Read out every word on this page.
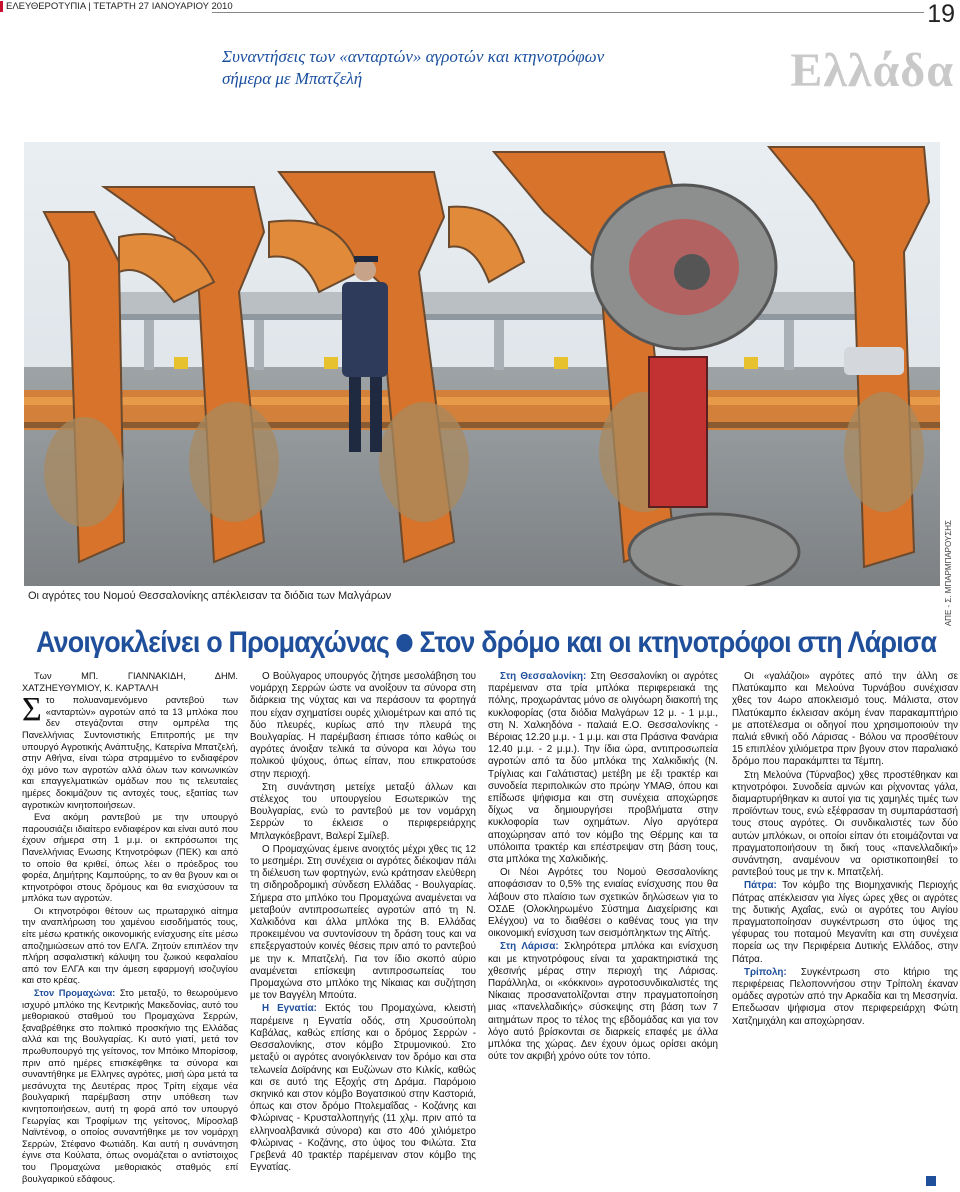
ΕΛΕΥΘΕΡΟΤΥΠΙΑ | ΤΕΤΑΡΤΗ 27 ΙΑΝΟΥΑΡΙΟΥ 2010	19
Συναντήσεις των «ανταρτών» αγροτών και κτηνοτρόφων σήμερα με Μπατζελή	Ελλάδα
ΑΠΕ - Σ. ΜΠΑΡΜΠΑΡΟΥΣΗΣ
Οι αγρότες του Νομού Θεσσαλονίκης απέκλεισαν τα διόδια των Μαλγάρων
Ανοιγοκλείνει ο Προμαχώνας Στον δρόμο και οι κτηνοτρόφοι στη Λάρισα

Των ΜΠ. ΓΙΑΝΝΑΚΙΔΗ, ΔΗΜ. ΧΑΤΖΗΕΥΘΥΜΙΟΥ, Κ. ΚΑΡΤΑΛΗ

Στο πολυαναμενόμενο ραντεβού των «ανταρτών» αγροτών από τα 13 μπλόκα που δεν στεγάζονται στην ομπρέλα της Πανελλήνιας Συντονιστικής Επιτροπής με την υπουργό Αγροτικής Ανάπτυξης, Κατερίνα Μπατζελή, στην Αθήνα, είναι τώρα στραμμένο το ενδιαφέρον όχι μόνο των αγροτών αλλά όλων των κοινωνικών και επαγγελματικών ομάδων που τις τελευταίες ημέρες δοκιμάζουν τις αντοχές τους, εξαιτίας των αγροτικών κινητοποιήσεων.

Ενα ακόμη ραντεβού με την υπουργό παρουσιάζει ιδιαίτερο ενδιαφέρον και είναι αυτό που έχουν σήμερα στη 1 μ.μ. οι εκπρόσωποι της Πανελλήνιας Ενωσης Κτηνοτρόφων (ΠΕΚ) και από το οποίο θα κριθεί, όπως λέει ο πρόεδρος του φορέα, Δημήτρης Καμπούρης, το αν θα βγουν και οι κτηνοτρόφοι στους δρόμους και θα ενισχύσουν τα μπλόκα των αγροτών.

Οι κτηνοτρόφοι θέτουν ως πρωταρχικό αίτημα την αναπλήρωση του χαμένου εισοδήματός τους, είτε μέσω κρατικής οικονομικής ενίσχυσης είτε μέσω αποζημιώσεων από τον ΕΛΓΑ. Ζητούν επιπλέον την πλήρη ασφαλιστική κάλυψη του ζωικού κεφαλαίου από τον ΕΛΓΑ και την άμεση εφαρμογή ισοζυγίου και στο κρέας.

Στον Προμαχώνα: Στο μεταξύ, το θεωρούμενο ισχυρό μπλόκο της Κεντρικής Μακεδονίας, αυτό του μεθοριακού σταθμού του Προμαχώνα Σερρών, ξαναβρέθηκε στο πολιτικό προσκήνιο της Ελλάδας αλλά και της Βουλγαρίας. Κι αυτό γιατί, μετά τον πρωθυπουργό της γείτονος, τον Μπόικο Μπορίσοφ, πριν από ημέρες επισκέφθηκε τα σύνορα και συναντήθηκε με Ελληνες αγρότες, μισή ώρα μετά τα μεσάνυχτα της Δευτέρας προς Τρίτη είχαμε νέα βουλγαρική παρέμβαση στην υπόθεση των κινητοποιήσεων, αυτή τη φορά από τον υπουργό Γεωργίας και Τροφίμων της γείτονος, Μίροσλαβ Ναϊντένοφ, ο οποίος συναντήθηκε με τον νομάρχη Σερρών, Στέφανο Φωτιάδη. Και αυτή η συνάντηση έγινε στα Κούλατα, όπως ονομάζεται ο αντίστοιχος του Προμαχώνα μεθοριακός σταθμός επί βουλγαρικού εδάφους.

Ο Βούλγαρος υπουργός ζήτησε μεσολάβηση του νομάρχη Σερρών ώστε να ανοίξουν τα σύνορα στη διάρκεια της νύχτας και να περάσουν τα φορτηγά που είχαν σχηματίσει ουρές χιλιομέτρων και από τις δύο πλευρές, κυρίως από την πλευρά της Βουλγαρίας. Η παρέμβαση έπιασε τόπο καθώς οι αγρότες άνοιξαν τελικά τα σύνορα και λόγω του πολικού ψύχους, όπως είπαν, που επικρατούσε στην περιοχή.

Στη συνάντηση μετείχε μεταξύ άλλων και στέλεχος του υπουργείου Εσωτερικών της Βουλγαρίας, ενώ το ραντεβού με τον νομάρχη Σερρών το έκλεισε ο περιφερειάρχης Μπλαγκόεβραντ, Βαλερί Σμίλεβ.

Ο Προμαχώνας έμεινε ανοιχτός μέχρι χθες τις 12 το μεσημέρι. Στη συνέχεια οι αγρότες διέκοψαν πάλι τη διέλευση των φορτηγών, ενώ κράτησαν ελεύθερη τη σιδηροδρομική σύνδεση Ελλάδας - Βουλγαρίας. Σήμερα στο μπλόκο του Προμαχώνα αναμένεται να μεταβούν αντιπροσωπείες αγροτών από τη Ν. Χαλκιδόνα και άλλα μπλόκα της Β. Ελλάδας προκειμένου να συντονίσουν τη δράση τους και να επεξεργαστούν κοινές θέσεις πριν από το ραντεβού με την κ. Μπατζελή. Για τον ίδιο σκοπό αύριο αναμένεται επίσκεψη αντιπροσωπείας του Προμαχώνα στο μπλόκο της Νίκαιας και συζήτηση με τον Βαγγέλη Μπούτα.

Η Εγνατία: Εκτός του Προμαχώνα, κλειστή παρέμεινε η Εγνατία οδός, στη Χρυσούπολη Καβάλας, καθώς επίσης και ο δρόμος Σερρών - Θεσσαλονίκης, στον κόμβο Στρυμονικού. Στο μεταξύ οι αγρότες ανοιγόκλειναν τον δρόμο και στα τελωνεία Δοϊράνης και Ευζώνων στο Κιλκίς, καθώς και σε αυτό της Εξοχής στη Δράμα. Παρόμοιο σκηνικό και στον κόμβο Βογατσικού στην Καστοριά, όπως και στον δρόμο Πτολεμαΐδας - Κοζάνης και Φλώρινας - Κρυσταλλοπηγής (11 χλμ. πριν από τα ελληνοαλβανικά σύνορα) και στο 40ό χιλιόμετρο Φλώρινας - Κοζάνης, στο ύψος του Φιλώτα. Στα Γρεβενά 40 τρακτέρ παρέμειναν στον κόμβο της Εγνατίας.

Στη Θεσσαλονίκη: Στη Θεσσαλονίκη οι αγρότες παρέμειναν στα τρία μπλόκα περιφερειακά της πόλης, προχωράντας μόνο σε ολιγόωρη διακοπή της κυκλοφορίας (στα διόδια Μαλγάρων 12 μ. - 1 μ.μ., στη Ν. Χαλκηδόνα - παλαιά Ε.Ο. Θεσσαλονίκης - Βέροιας 12.20 μ.μ. - 1 μ.μ. και στα Πράσινα Φανάρια 12.40 μ.μ. - 2 μ.μ.). Την ίδια ώρα, αντιπροσωπεία αγροτών από τα δύο μπλόκα της Χαλκιδικής (Ν. Τρίγλιας και Γαλάτιστας) μετέβη με έξι τρακτέρ και συνοδεία περιπολικών στο πρώην ΥΜΑΘ, όπου και επίδωσε ψήφισμα και στη συνέχεια αποχώρησε δίχως να δημιουργήσει προβλήματα στην κυκλοφορία των οχημάτων. Λίγο αργότερα αποχώρησαν από τον κόμβο της Θέρμης και τα υπόλοιπα τρακτέρ και επέστρεψαν στη βάση τους, στα μπλόκα της Χαλκιδικής.

Οι Νέοι Αγρότες του Νομού Θεσσαλονίκης αποφάσισαν το 0,5% της ενιαίας ενίσχυσης που θα λάβουν στο πλαίσιο των σχετικών δηλώσεων για το ΟΣΔΕ (Ολοκληρωμένο Σύστημα Διαχείρισης και Ελέγχου) να το διαθέσει ο καθένας τους για την οικονομική ενίσχυση των σεισμόπληκτων της Αϊτής.

Στη Λάρισα: Σκληρότερα μπλόκα και ενίσχυση και με κτηνοτρόφους είναι τα χαρακτηριστικά της χθεσινής μέρας στην περιοχή της Λάρισας. Παράλληλα, οι «κόκκινοι» αγροτοσυνδικαλιστές της Νίκαιας προσανατολίζονται στην πραγματοποίηση μιας «πανελλαδικής» σύσκεψης στη βάση των 7 αιτημάτων προς το τέλος της εβδομάδας και για τον λόγο αυτό βρίσκονται σε διαρκείς επαφές με άλλα μπλόκα της χώρας. Δεν έχουν όμως ορίσει ακόμη ούτε τον ακριβή χρόνο ούτε τον τόπο.

Οι «γαλάζιοι» αγρότες από την άλλη σε Πλατύκαμπο και Μελούνα Τυρνάβου συνέχισαν χθες τον 4ωρο αποκλεισμό τους. Μάλιστα, στον Πλατύκαμπο έκλεισαν ακόμη έναν παρακαμπτήριο με αποτέλεσμα οι οδηγοί που χρησιμοποιούν την παλιά εθνική οδό Λάρισας - Βόλου να προσθέτουν 15 επιπλέον χιλιόμετρα πριν βγουν στον παραλιακό δρόμο που παρακάμπτει τα Τέμπη.

Στη Μελούνα (Τύρναβος) χθες προστέθηκαν και κτηνοτρόφοι. Συνοδεία αμνών και ρίχνοντας γάλα, διαμαρτυρήθηκαν κι αυτοί για τις χαμηλές τιμές των προϊόντων τους, ενώ εξέφρασαν τη συμπαράστασή τους στους αγρότες. Οι συνδικαλιστές των δύο αυτών μπλόκων, οι οποίοι είπαν ότι ετοιμάζονται να πραγματοποιήσουν τη δική τους «πανελλαδική» συνάντηση, αναμένουν να οριστικοποιηθεί το ραντεβού τους με την κ. Μπατζελή.

Πάτρα: Τον κόμβο της Βιομηχανικής Περιοχής Πάτρας απέκλεισαν για λίγες ώρες χθες οι αγρότες της δυτικής Αχαΐας, ενώ οι αγρότες του Αιγίου πραγματοποίησαν συγκέντρωση στο ύψος της γέφυρας του ποταμού Μεγανίτη και στη συνέχεια πορεία ως την Περιφέρεια Δυτικής Ελλάδος, στην Πάτρα.

Τρίπολη: Συγκέντρωση στο ktήριο της περιφέρειας Πελοποννήσου στην Τρίπολη έκαναν ομάδες αγροτών από την Αρκαδία και τη Μεσσηνία. Επεδωσαν ψήφισμα στον περιφερειάρχη Φώτη Χατζημιχάλη και αποχώρησαν.
